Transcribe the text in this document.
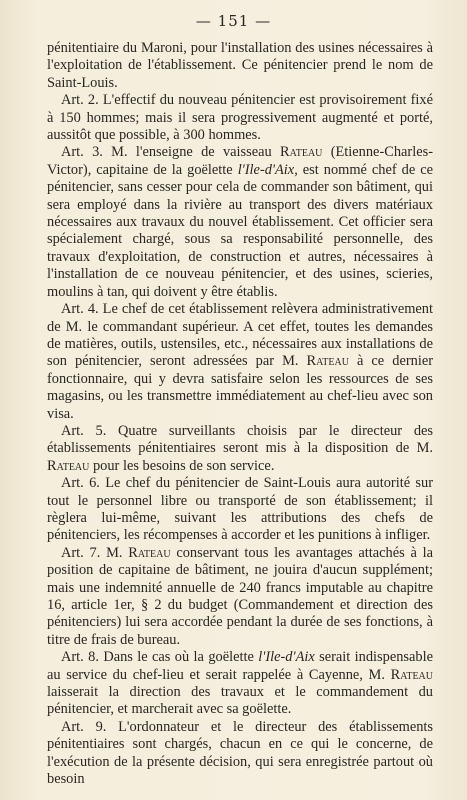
— 151 —

pénitentiaire du Maroni, pour l'installation des usines nécessaires à l'exploitation de l'établissement. Ce pénitencier prend le nom de Saint-Louis.

Art. 2. L'effectif du nouveau pénitencier est provisoirement fixé à 150 hommes; mais il sera progressivement augmenté et porté, aussitôt que possible, à 300 hommes.

Art. 3. M. l'enseigne de vaisseau Rateau (Etienne-Charles-Victor), capitaine de la goëlette l'Ile-d'Aix, est nommé chef de ce pénitencier, sans cesser pour cela de commander son bâtiment, qui sera employé dans la rivière au transport des divers matériaux nécessaires aux travaux du nouvel établissement. Cet officier sera spécialement chargé, sous sa responsabilité personnelle, des travaux d'exploitation, de construction et autres, nécessaires à l'installation de ce nouveau pénitencier, et des usines, scieries, moulins à tan, qui doivent y être établis.

Art. 4. Le chef de cet établissement relèvera administrativement de M. le commandant supérieur. A cet effet, toutes les demandes de matières, outils, ustensiles, etc., nécessaires aux installations de son pénitencier, seront adressées par M. Rateau à ce dernier fonctionnaire, qui y devra satisfaire selon les ressources de ses magasins, ou les transmettre immédiatement au chef-lieu avec son visa.

Art. 5. Quatre surveillants choisis par le directeur des établissements pénitentiaires seront mis à la disposition de M. Rateau pour les besoins de son service.

Art. 6. Le chef du pénitencier de Saint-Louis aura autorité sur tout le personnel libre ou transporté de son établissement; il règlera lui-même, suivant les attributions des chefs de pénitenciers, les récompenses à accorder et les punitions à infliger.

Art. 7. M. Rateau conservant tous les avantages attachés à la position de capitaine de bâtiment, ne jouira d'aucun supplément; mais une indemnité annuelle de 240 francs imputable au chapitre 16, article 1er, § 2 du budget (Commandement et direction des pénitenciers) lui sera accordée pendant la durée de ses fonctions, à titre de frais de bureau.

Art. 8. Dans le cas où la goëlette l'Ile-d'Aix serait indispensable au service du chef-lieu et serait rappelée à Cayenne, M. Rateau laisserait la direction des travaux et le commandement du pénitencier, et marcherait avec sa goëlette.

Art. 9. L'ordonnateur et le directeur des établissements pénitentiaires sont chargés, chacun en ce qui le concerne, de l'exécution de la présente décision, qui sera enregistrée partout où besoin
